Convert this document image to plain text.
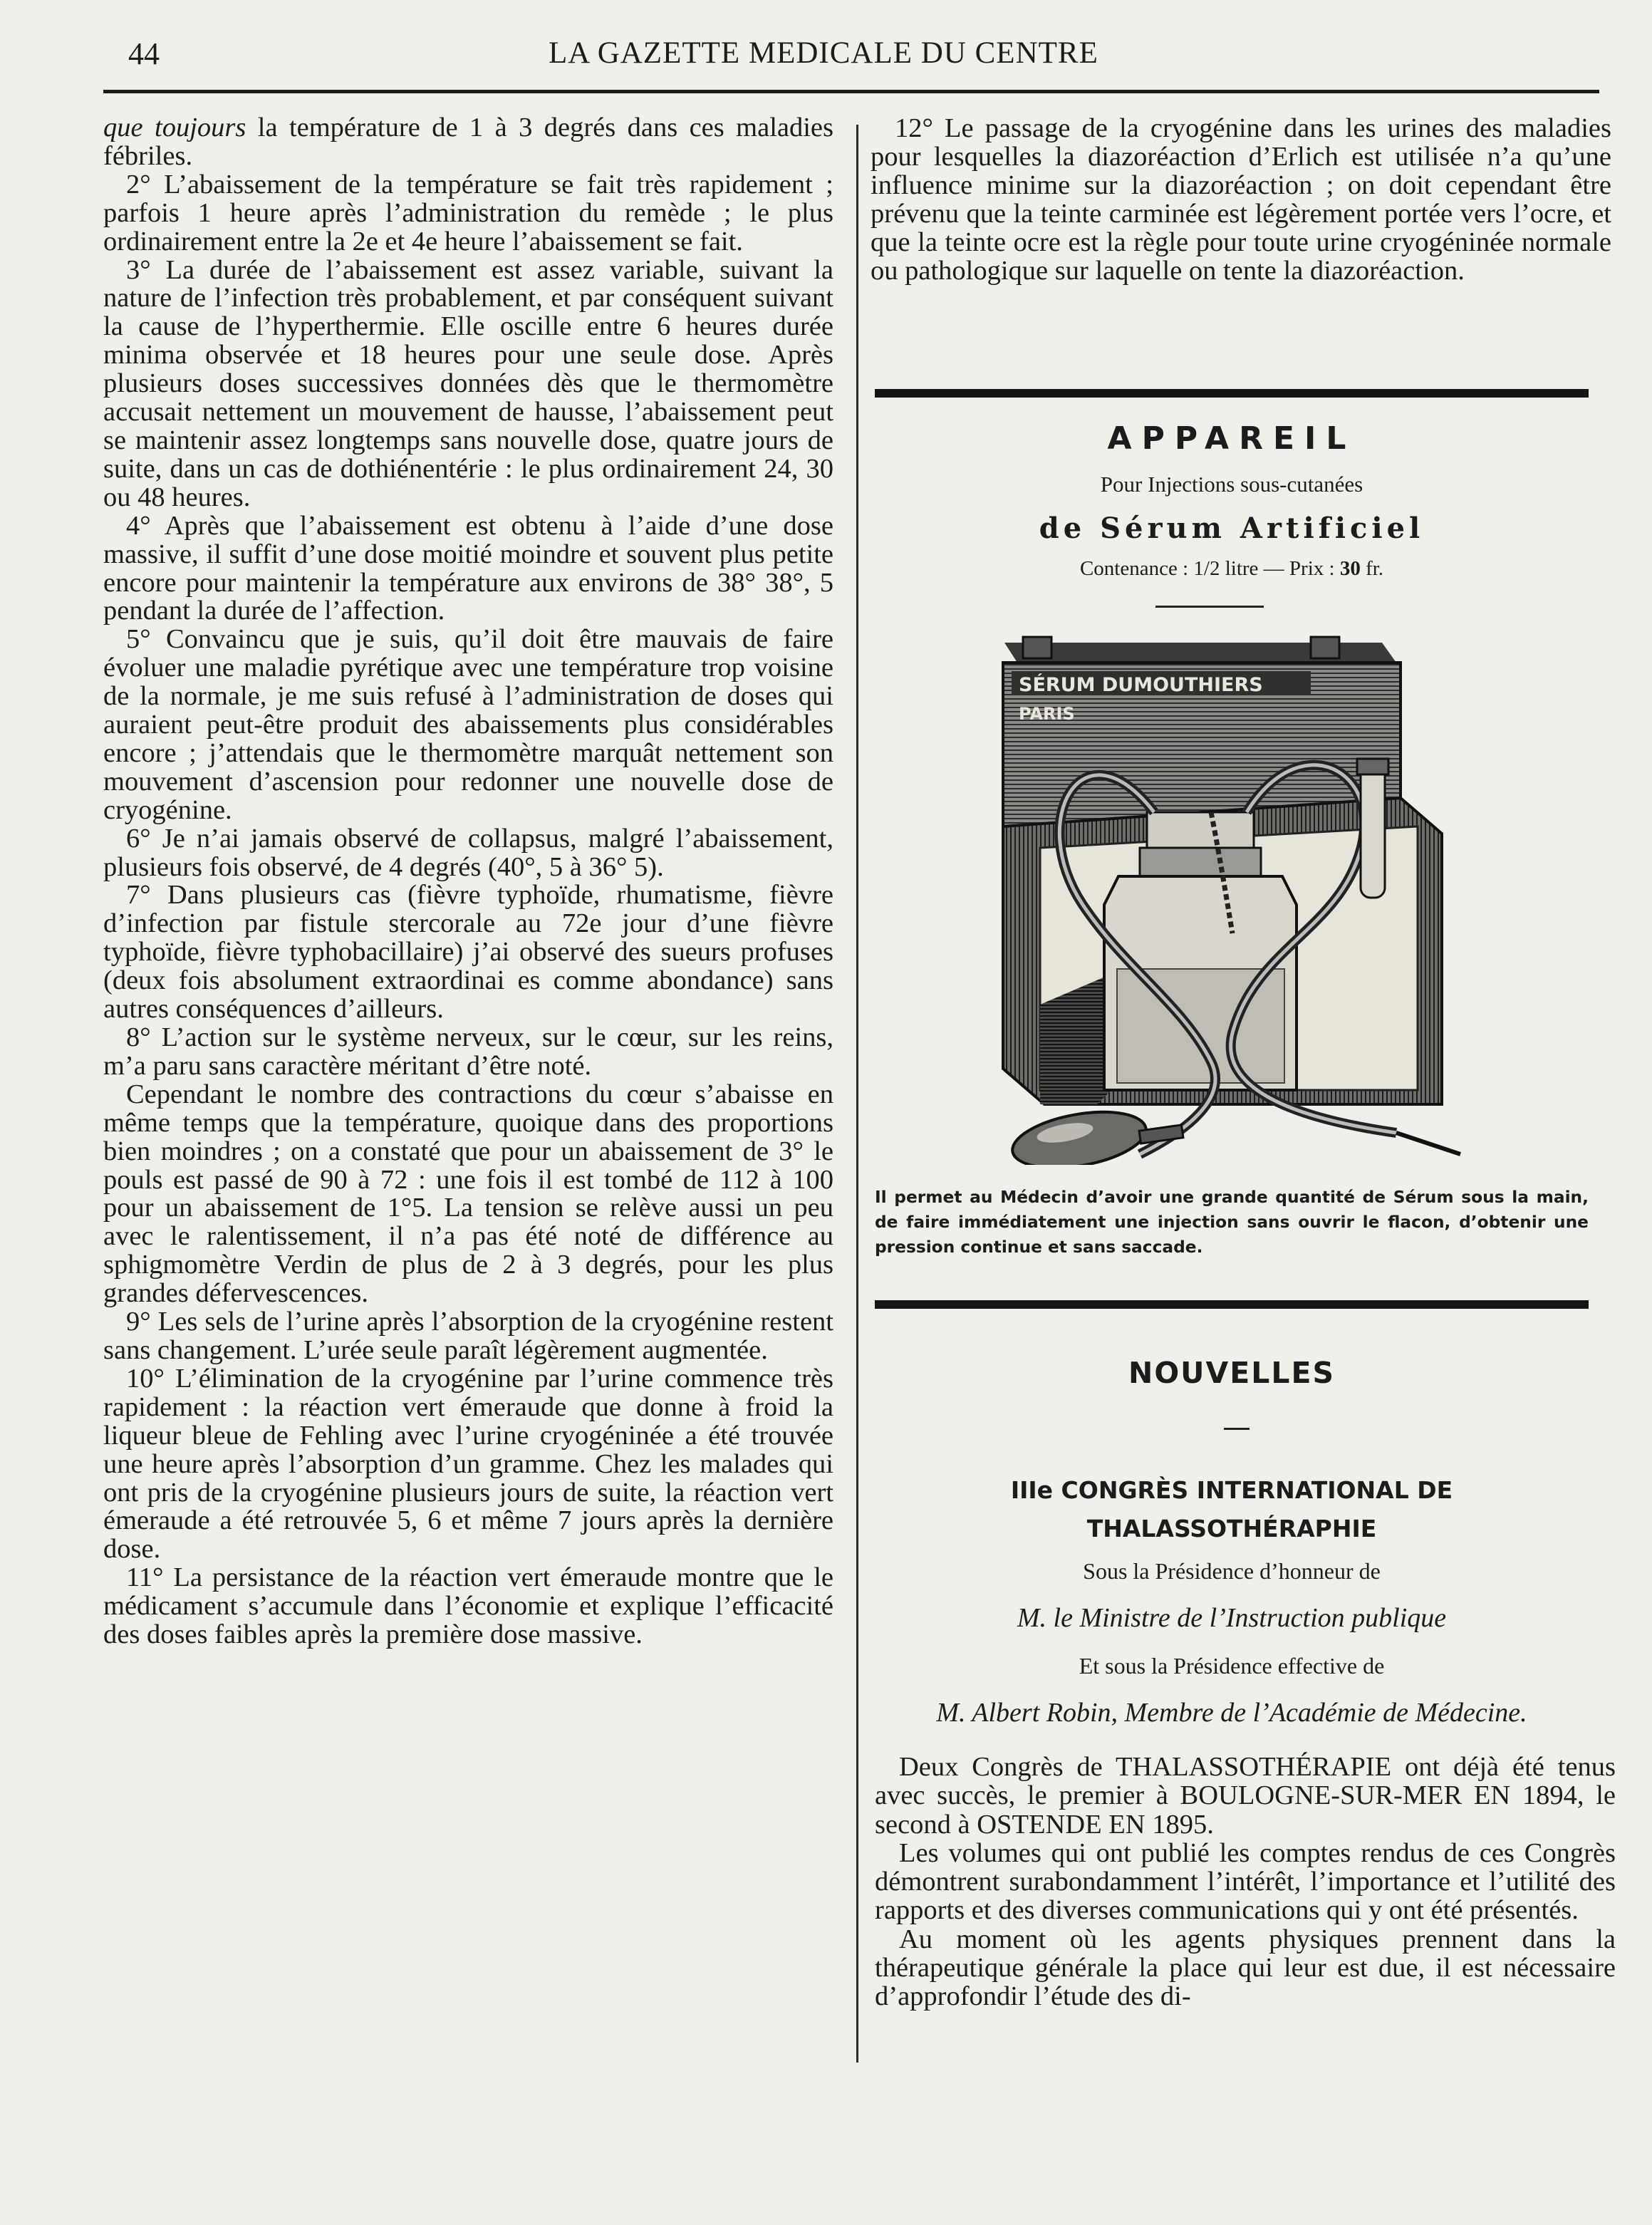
44	LA GAZETTE MEDICALE DU CENTRE

que toujours la température de 1 à 3 degrés dans ces maladies fébriles.

2° L’abaissement de la température se fait très rapidement ; parfois 1 heure après l’administration du remède ; le plus ordinairement entre la 2e et 4e heure l’abaissement se fait.

3° La durée de l’abaissement est assez variable, suivant la nature de l’infection très probablement, et par conséquent suivant la cause de l’hyperthermie. Elle oscille entre 6 heures durée minima observée et 18 heures pour une seule dose. Après plusieurs doses successives données dès que le thermomètre accusait nettement un mouvement de hausse, l’abaissement peut se maintenir assez longtemps sans nouvelle dose, quatre jours de suite, dans un cas de dothiénentérie : le plus ordinairement 24, 30 ou 48 heures.

4° Après que l’abaissement est obtenu à l’aide d’une dose massive, il suffit d’une dose moitié moindre et souvent plus petite encore pour maintenir la température aux environs de 38° 38°, 5 pendant la durée de l’affection.

5° Convaincu que je suis, qu’il doit être mauvais de faire évoluer une maladie pyrétique avec une température trop voisine de la normale, je me suis refusé à l’administration de doses qui auraient peut-être produit des abaissements plus considérables encore ; j’attendais que le thermomètre marquât nettement son mouvement d’ascension pour redonner une nouvelle dose de cryogénine.

6° Je n’ai jamais observé de collapsus, malgré l’abaissement, plusieurs fois observé, de 4 degrés (40°, 5 à 36° 5).

7° Dans plusieurs cas (fièvre typhoïde, rhumatisme, fièvre d’infection par fistule stercorale au 72e jour d’une fièvre typhoïde, fièvre typhobacillaire) j’ai observé des sueurs profuses (deux fois absolument extraordinai es comme abondance) sans autres conséquences d’ailleurs.

8° L’action sur le système nerveux, sur le cœur, sur les reins, m’a paru sans caractère méritant d’être noté.

Cependant le nombre des contractions du cœur s’abaisse en même temps que la température, quoique dans des proportions bien moindres ; on a constaté que pour un abaissement de 3° le pouls est passé de 90 à 72 : une fois il est tombé de 112 à 100 pour un abaissement de 1°5. La tension se relève aussi un peu avec le ralentissement, il n’a pas été noté de différence au sphigmomètre Verdin de plus de 2 à 3 degrés, pour les plus grandes défervescences.

9° Les sels de l’urine après l’absorption de la cryogénine restent sans changement. L’urée seule paraît légèrement augmentée.

10° L’élimination de la cryogénine par l’urine commence très rapidement : la réaction vert émeraude que donne à froid la liqueur bleue de Fehling avec l’urine cryogéninée a été trouvée une heure après l’absorption d’un gramme. Chez les malades qui ont pris de la cryogénine plusieurs jours de suite, la réaction vert émeraude a été retrouvée 5, 6 et même 7 jours après la dernière dose.

11° La persistance de la réaction vert émeraude montre que le médicament s’accumule dans l’économie et explique l’efficacité des doses faibles après la première dose massive.

12° Le passage de la cryogénine dans les urines des maladies pour lesquelles la diazoréaction d’Erlich est utilisée n’a qu’une influence minime sur la diazoréaction ; on doit cependant être prévenu que la teinte carminée est légèrement portée vers l’ocre, et que la teinte ocre est la règle pour toute urine cryogéninée normale ou pathologique sur laquelle on tente la diazoréaction.

APPAREIL
Pour Injections sous-cutanées
de Sérum Artificiel
Contenance : 1/2 litre — Prix : 30 fr.
SÉRUM DUMOUTHIERS
PARIS
Il permet au Médecin d’avoir une grande quantité de Sérum sous la main, de faire immédiatement une injection sans ouvrir le flacon, d’obtenir une pression continue et sans saccade.
NOUVELLES
IIIe CONGRÈS INTERNATIONAL DE
THALASSOTHÉRAPHIE
Sous la Présidence d’honneur de
M. le Ministre de l’Instruction publique
Et sous la Présidence effective de
M. Albert Robin, Membre de l’Académie de Médecine.

Deux Congrès de THALASSOTHÉRAPIE ont déjà été tenus avec succès, le premier à BOULOGNE-SUR-MER EN 1894, le second à OSTENDE EN 1895.

Les volumes qui ont publié les comptes rendus de ces Congrès démontrent surabondamment l’intérêt, l’importance et l’utilité des rapports et des diverses communications qui y ont été présentés.

Au moment où les agents physiques prennent dans la thérapeutique générale la place qui leur est due, il est nécessaire d’approfondir l’étude des di-
